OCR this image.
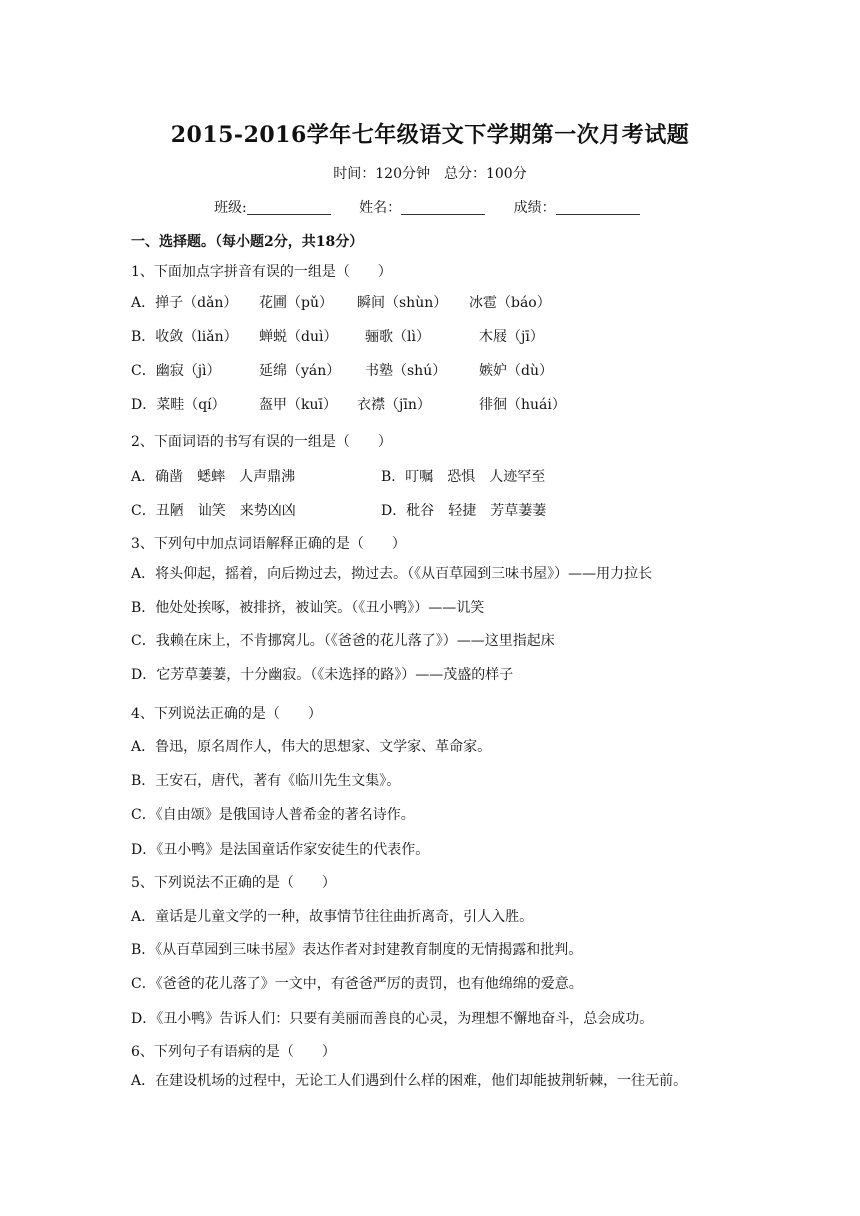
2015-2016学年七年级语文下学期第一次月考试题
时间：120分钟　总分：100分
班级:	姓名：	成绩：
一、选择题。（每小题2分，共18分）
1、下面加点字拼音有误的一组是（　　）
A．掸子（dǎn） 花圃（pǔ） 瞬间（shùn） 冰雹（báo）
B．收敛（liǎn） 蝉蜕（duì） 骊歌（lì）	木屐（jī）
C．幽寂（jì）	延绵（yán） 书塾（shú） 嫉妒（dù）
D．菜畦（qí） 盔甲（kuī） 衣襟（jīn）	徘徊（huái）
2、下面词语的书写有误的一组是（　　）
A．确凿　蟋蟀　人声鼎沸	B．叮嘱　恐惧　人迹罕至
C．丑陋　讪笑　来势凶凶	D．秕谷　轻捷　芳草萋萋
3、下列句中加点词语解释正确的是（　　）
A．将头仰起，摇着，向后拗过去，拗过去。（《从百草园到三味书屋》）——用力拉长
B．他处处挨啄，被排挤，被讪笑。（《丑小鸭》）——讥笑
C．我赖在床上，不肯挪窝儿。（《爸爸的花儿落了》）——这里指起床
D．它芳草萋萋，十分幽寂。（《未选择的路》）——茂盛的样子
4、下列说法正确的是（　　）
A．鲁迅，原名周作人，伟大的思想家、文学家、革命家。
B．王安石，唐代，著有《临川先生文集》。
C．《自由颂》是俄国诗人普希金的著名诗作。
D．《丑小鸭》是法国童话作家安徒生的代表作。
5、下列说法不正确的是（　　）
A．童话是儿童文学的一种，故事情节往往曲折离奇，引人入胜。
B．《从百草园到三味书屋》表达作者对封建教育制度的无情揭露和批判。
C．《爸爸的花儿落了》一文中，有爸爸严厉的责罚，也有他绵绵的爱意。
D．《丑小鸭》告诉人们：只要有美丽而善良的心灵，为理想不懈地奋斗，总会成功。
6、下列句子有语病的是（　　）
A．在建设机场的过程中，无论工人们遇到什么样的困难，他们却能披荆斩棘，一往无前。
